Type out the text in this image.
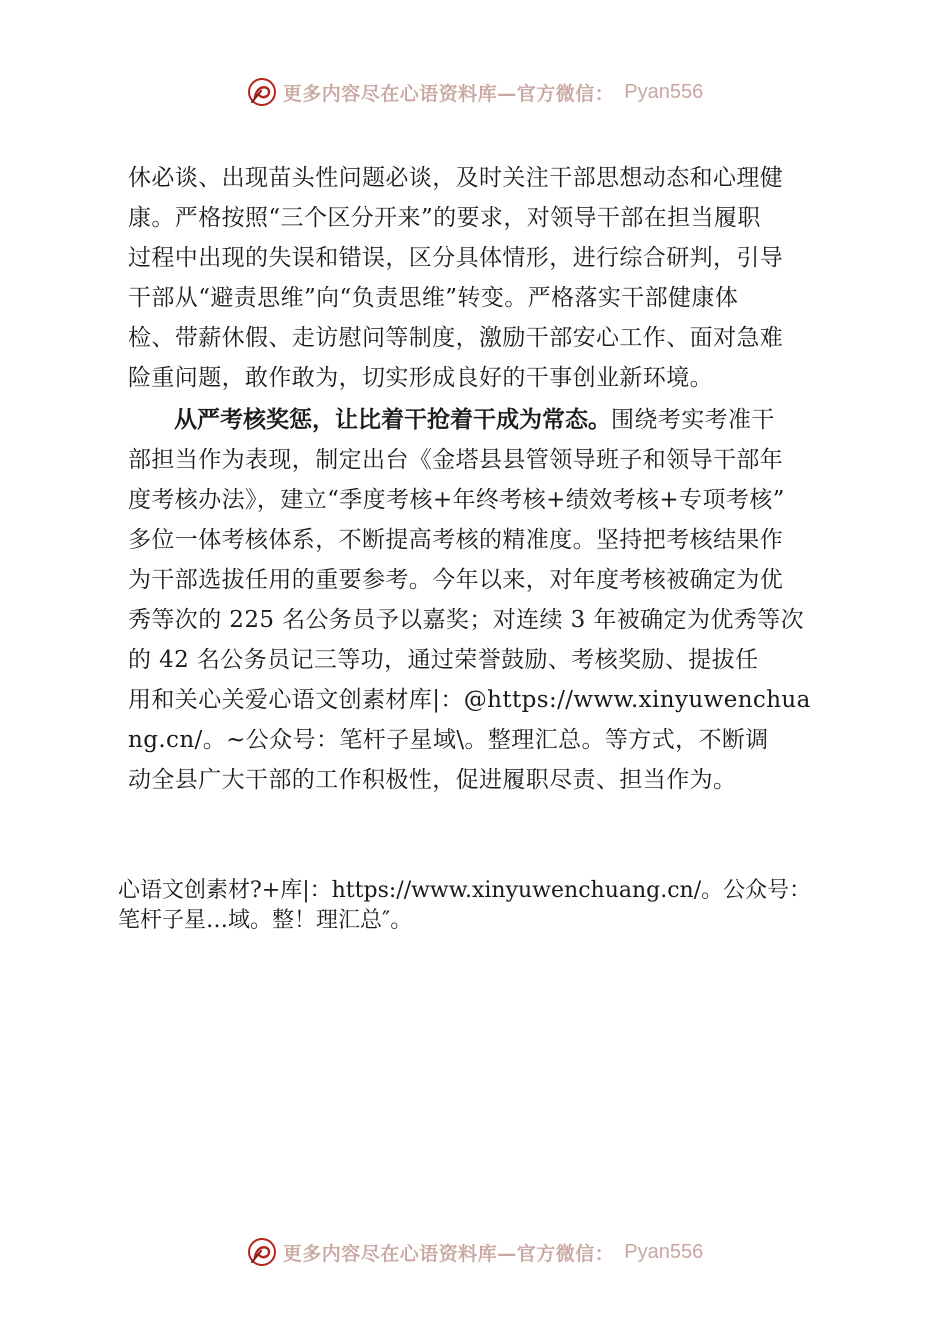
更多内容尽在心语资料库—官方微信： Pyan556
休必谈、出现苗头性问题必谈，及时关注干部思想动态和心理健
康。严格按照“三个区分开来”的要求，对领导干部在担当履职
过程中出现的失误和错误，区分具体情形，进行综合研判，引导
干部从“避责思维”向“负责思维”转变。严格落实干部健康体
检、带薪休假、走访慰问等制度，激励干部安心工作、面对急难
险重问题，敢作敢为，切实形成良好的干事创业新环境。
从严考核奖惩，让比着干抢着干成为常态。围绕考实考准干
部担当作为表现，制定出台《金塔县县管领导班子和领导干部年
度考核办法》，建立“季度考核+年终考核+绩效考核+专项考核”
多位一体考核体系，不断提高考核的精准度。坚持把考核结果作
为干部选拔任用的重要参考。今年以来，对年度考核被确定为优
秀等次的 225 名公务员予以嘉奖；对连续 3 年被确定为优秀等次
的 42 名公务员记三等功，通过荣誉鼓励、考核奖励、提拔任
用和关心关爱心语文创素材库|：@https://www.xinyuwenchua
ng.cn/。~公众号：笔杆子星域\。整理汇总。等方式，不断调
动全县广大干部的工作积极性，促进履职尽责、担当作为。
心语文创素材?+库|：https://www.xinyuwenchuang.cn/。公众号：
笔杆子星…域。整！理汇总″。
更多内容尽在心语资料库—官方微信： Pyan556
